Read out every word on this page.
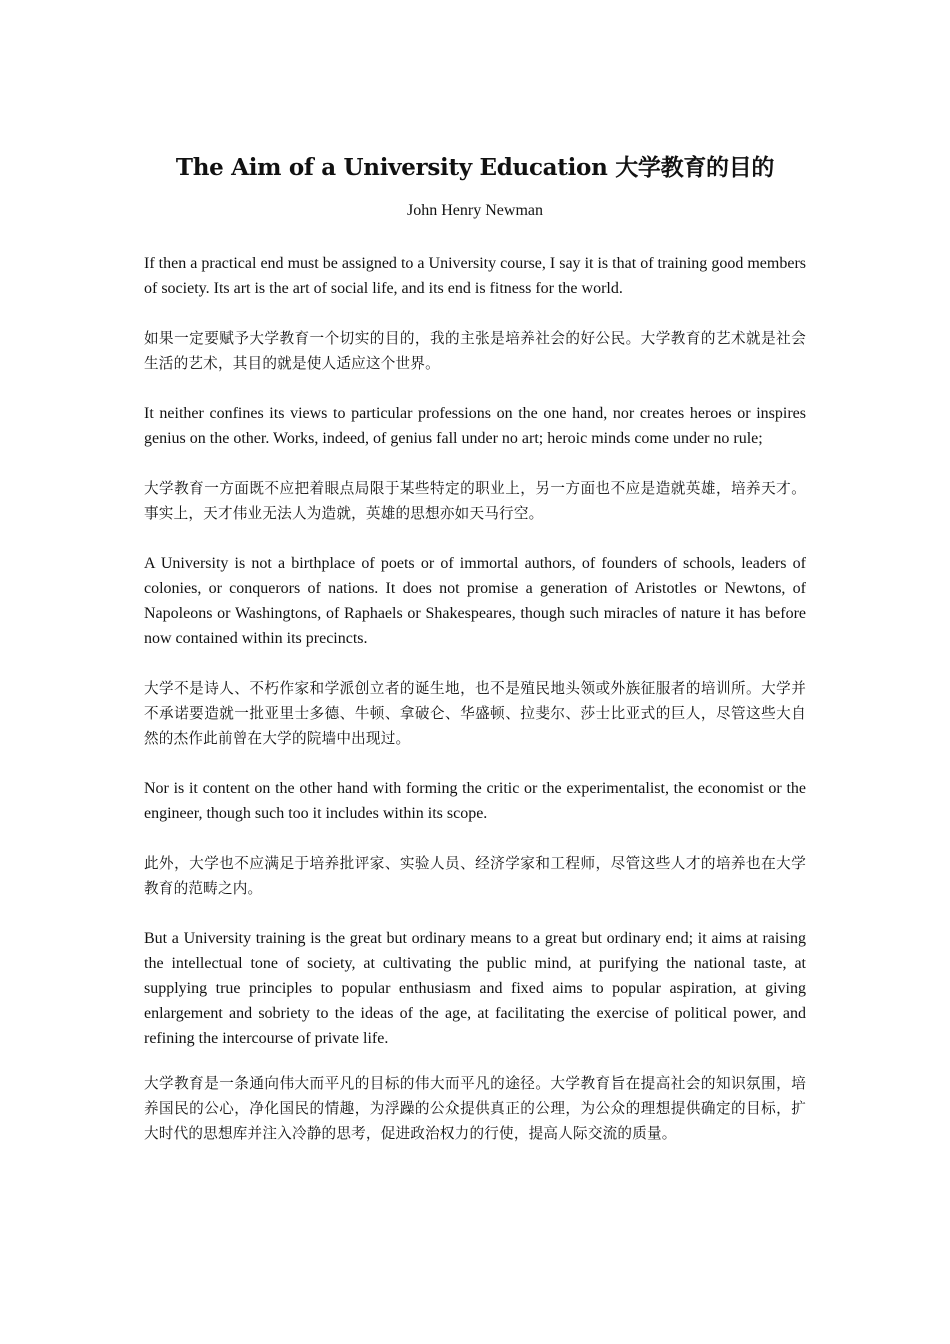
The Aim of a University Education 大学教育的目的
John Henry Newman

If then a practical end must be assigned to a University course, I say it is that of training good members of society. Its art is the art of social life, and its end is fitness for the world.

如果一定要赋予大学教育一个切实的目的，我的主张是培养社会的好公民。大学教育的艺术就是社会生活的艺术，其目的就是使人适应这个世界。

It neither confines its views to particular professions on the one hand, nor creates heroes or inspires genius on the other. Works, indeed, of genius fall under no art; heroic minds come under no rule;

大学教育一方面既不应把着眼点局限于某些特定的职业上，另一方面也不应是造就英雄，培养天才。事实上，天才伟业无法人为造就，英雄的思想亦如天马行空。

A University is not a birthplace of poets or of immortal authors, of founders of schools, leaders of colonies, or conquerors of nations. It does not promise a generation of Aristotles or Newtons, of Napoleons or Washingtons, of Raphaels or Shakespeares, though such miracles of nature it has before now contained within its precincts.

大学不是诗人、不朽作家和学派创立者的诞生地，也不是殖民地头领或外族征服者的培训所。大学并不承诺要造就一批亚里士多德、牛顿、拿破仑、华盛顿、拉斐尔、莎士比亚式的巨人，尽管这些大自然的杰作此前曾在大学的院墙中出现过。

Nor is it content on the other hand with forming the critic or the experimentalist, the economist or the engineer, though such too it includes within its scope.

此外，大学也不应满足于培养批评家、实验人员、经济学家和工程师，尽管这些人才的培养也在大学教育的范畴之内。

But a University training is the great but ordinary means to a great but ordinary end; it aims at raising the intellectual tone of society, at cultivating the public mind, at purifying the national taste, at supplying true principles to popular enthusiasm and fixed aims to popular aspiration, at giving enlargement and sobriety to the ideas of the age, at facilitating the exercise of political power, and refining the intercourse of private life.

大学教育是一条通向伟大而平凡的目标的伟大而平凡的途径。大学教育旨在提高社会的知识氛围，培养国民的公心，净化国民的情趣，为浮躁的公众提供真正的公理，为公众的理想提供确定的目标，扩大时代的思想库并注入冷静的思考，促进政治权力的行使，提高人际交流的质量。
